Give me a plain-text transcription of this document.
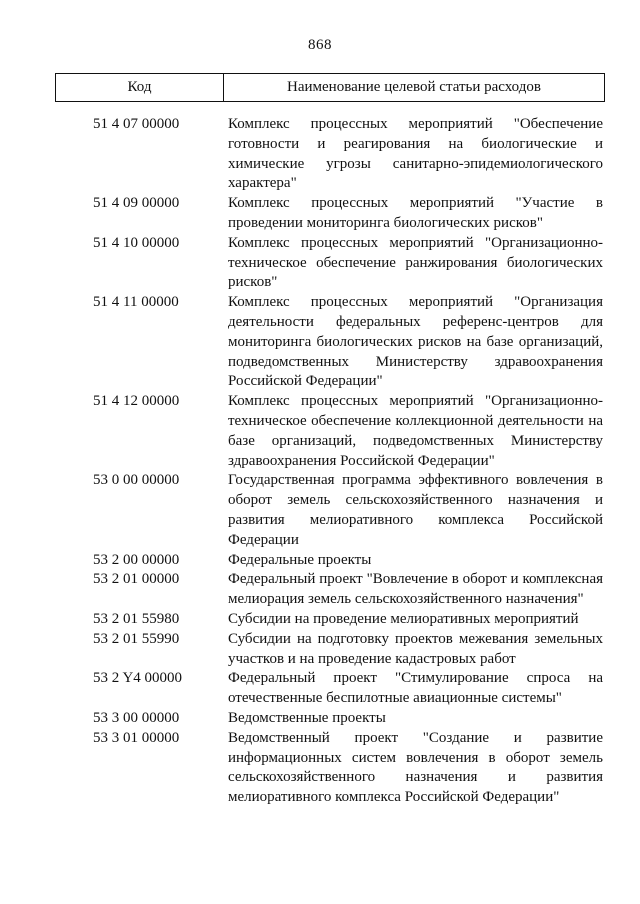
868
Код	Наименование целевой статьи расходов
51 4 07 00000	Комплекс процессных мероприятий "Обеспечение готовности и реагирования на биологические и химические угрозы санитарно-эпидемиологического характера"
51 4 09 00000	Комплекс процессных мероприятий "Участие в проведении мониторинга биологических рисков"
51 4 10 00000	Комплекс процессных мероприятий "Организационно-техническое обеспечение ранжирования биологических рисков"
51 4 11 00000	Комплекс процессных мероприятий "Организация деятельности федеральных референс-центров для мониторинга биологических рисков на базе организаций, подведомственных Министерству здравоохранения Российской Федерации"
51 4 12 00000	Комплекс процессных мероприятий "Организационно-техническое обеспечение коллекционной деятельности на базе организаций, подведомственных Министерству здравоохранения Российской Федерации"
53 0 00 00000	Государственная программа эффективного вовлечения в оборот земель сельскохозяйственного назначения и развития мелиоративного комплекса Российской Федерации
53 2 00 00000	Федеральные проекты
53 2 01 00000	Федеральный проект "Вовлечение в оборот и комплексная мелиорация земель сельскохозяйственного назначения"
53 2 01 55980	Субсидии на проведение мелиоративных мероприятий
53 2 01 55990	Субсидии на подготовку проектов межевания земельных участков и на проведение кадастровых работ
53 2 Y4 00000	Федеральный проект "Стимулирование спроса на отечественные беспилотные авиационные системы"
53 3 00 00000	Ведомственные проекты
53 3 01 00000	Ведомственный проект "Создание и развитие информационных систем вовлечения в оборот земель сельскохозяйственного назначения и развития мелиоративного комплекса Российской Федерации"
